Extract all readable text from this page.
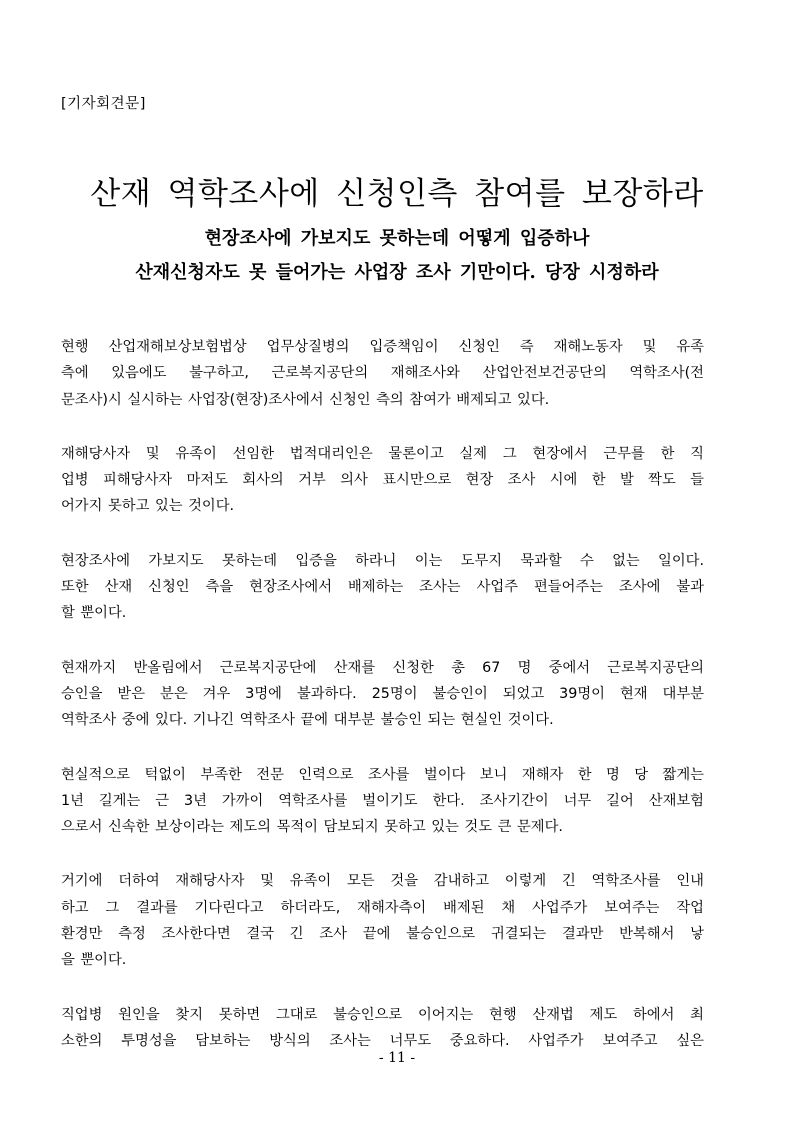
[기자회견문]
산재 역학조사에 신청인측 참여를 보장하라
현장조사에 가보지도 못하는데 어떻게 입증하나
산재신청자도 못 들어가는 사업장 조사 기만이다. 당장 시정하라
현행 산업재해보상보험법상 업무상질병의 입증책임이 신청인 즉 재해노동자 및 유족
측에 있음에도 불구하고, 근로복지공단의 재해조사와 산업안전보건공단의 역학조사(전
문조사)시 실시하는 사업장(현장)조사에서 신청인 측의 참여가 배제되고 있다.
재해당사자 및 유족이 선임한 법적대리인은 물론이고 실제 그 현장에서 근무를 한 직
업병 피해당사자 마저도 회사의 거부 의사 표시만으로 현장 조사 시에 한 발 짝도 들
어가지 못하고 있는 것이다.
현장조사에 가보지도 못하는데 입증을 하라니 이는 도무지 묵과할 수 없는 일이다.
또한 산재 신청인 측을 현장조사에서 배제하는 조사는 사업주 편들어주는 조사에 불과
할 뿐이다.
현재까지 반올림에서 근로복지공단에 산재를 신청한 총 67 명 중에서 근로복지공단의
승인을 받은 분은 겨우 3명에 불과하다. 25명이 불승인이 되었고 39명이 현재 대부분
역학조사 중에 있다. 기나긴 역학조사 끝에 대부분 불승인 되는 현실인 것이다.
현실적으로 턱없이 부족한 전문 인력으로 조사를 벌이다 보니 재해자 한 명 당 짧게는
1년 길게는 근 3년 가까이 역학조사를 벌이기도 한다. 조사기간이 너무 길어 산재보험
으로서 신속한 보상이라는 제도의 목적이 담보되지 못하고 있는 것도 큰 문제다.
거기에 더하여 재해당사자 및 유족이 모든 것을 감내하고 이렇게 긴 역학조사를 인내
하고 그 결과를 기다린다고 하더라도, 재해자측이 배제된 채 사업주가 보여주는 작업
환경만 측정 조사한다면 결국 긴 조사 끝에 불승인으로 귀결되는 결과만 반복해서 낳
을 뿐이다.
직업병 원인을 찾지 못하면 그대로 불승인으로 이어지는 현행 산재법 제도 하에서 최
소한의 투명성을 담보하는 방식의 조사는 너무도 중요하다. 사업주가 보여주고 싶은
- 11 -
